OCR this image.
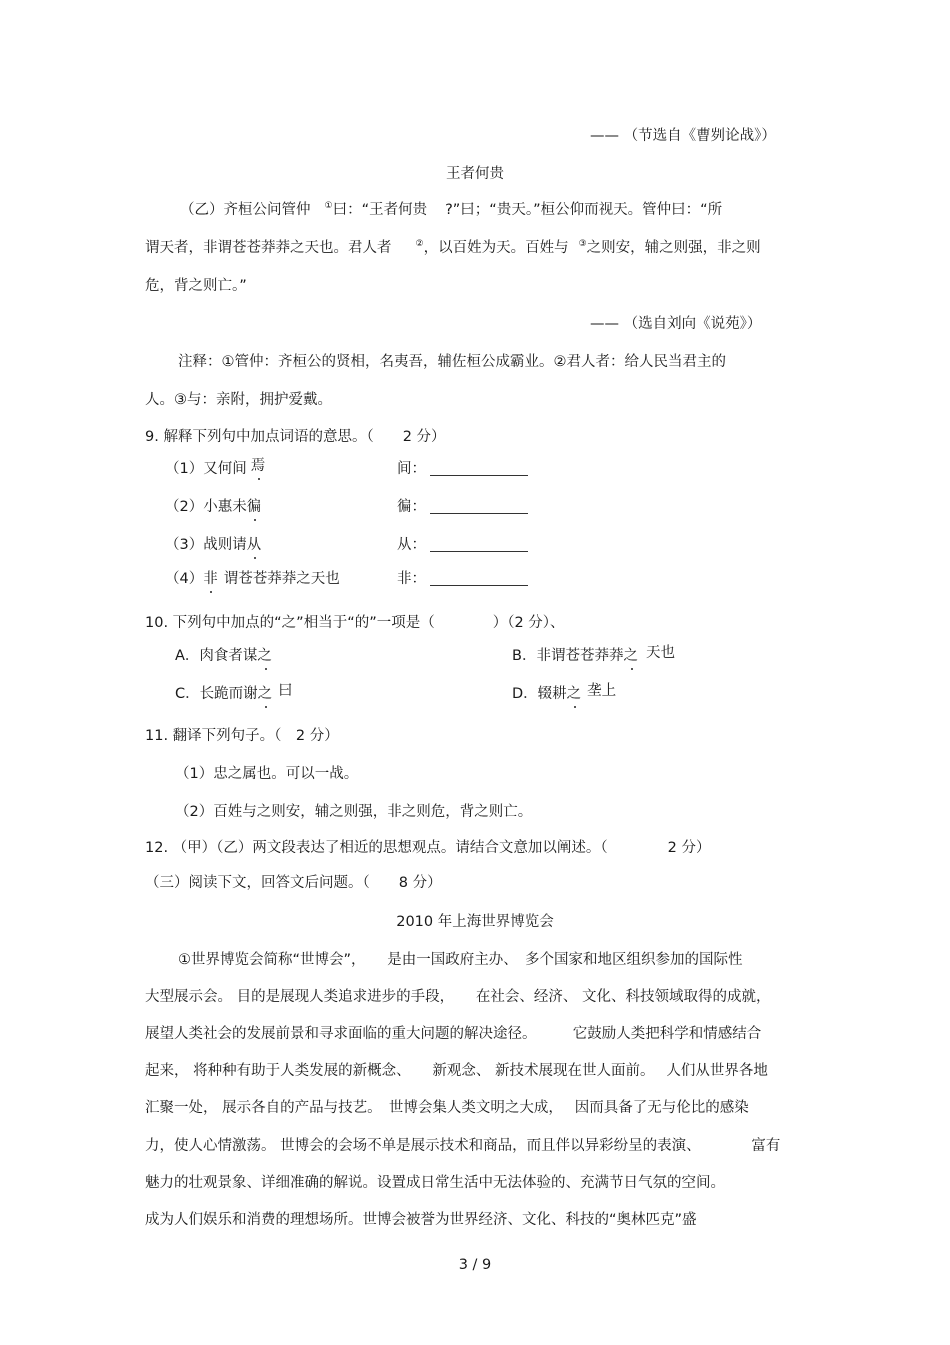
—— （节选自《曹刿论战》）
王者何贵
（乙）齐桓公问管仲 ①曰：“王者何贵 ?”曰；“贵天。”桓公仰而视天。管仲曰：“所
谓天者，非谓苍苍莽莽之天也。君人者	②，以百姓为天。百姓与 ③之则安，辅之则强，非之则
危，背之则亡。”
—— （选自刘向《说苑》）
注释：①管仲：齐桓公的贤相，名夷吾，辅佐桓公成霸业。②君人者：给人民当君主的
人。③与：亲附，拥护爱戴。
9. 解释下列句中加点词语的意思。（　　2 分）
（1）又何间 焉	间：
（2）小惠未徧	徧：
（3）战则请从	从：
（4）非 谓苍苍莽莽之天也	非：
10. 下列句中加点的“之”相当于“的”一项是（　　　　）（2 分）、
A．肉食者谋之	B．非谓苍苍莽莽之 天也
C．长跪而谢之 曰	D．辍耕之 垄上
11. 翻译下列句子。（　2 分）
（1）忠之属也。可以一战。
（2）百姓与之则安，辅之则强，非之则危，背之则亡。
12. （甲）（乙）两文段表达了相近的思想观点。请结合文意加以阐述。（	2 分）
（三）阅读下文，回答文后问题。（　　8 分）
2010 年上海世界博览会
①世界博览会简称“世博会”，　　是由一国政府主办、　多个国家和地区组织参加的国际性
大型展示会。 目的是展现人类追求进步的手段，　　在社会、经济、 文化、科技领域取得的成就，
展望人类社会的发展前景和寻求面临的重大问题的解决途径。　　　它鼓励人类把科学和情感结合
起来， 将种种有助于人类发展的新概念、　　新观念、 新技术展现在世人面前。　 人们从世界各地
汇聚一处， 展示各自的产品与技艺。　世博会集人类文明之大成，　 因而具备了无与伦比的感染
力，使人心情激荡。 世博会的会场不单是展示技术和商品，而且伴以异彩纷呈的表演、　　　　富有
魅力的壮观景象、详细准确的解说。设置成日常生活中无法体验的、充满节日气氛的空间。
成为人们娱乐和消费的理想场所。世博会被誉为世界经济、文化、科技的“奥林匹克”盛
3 / 9
